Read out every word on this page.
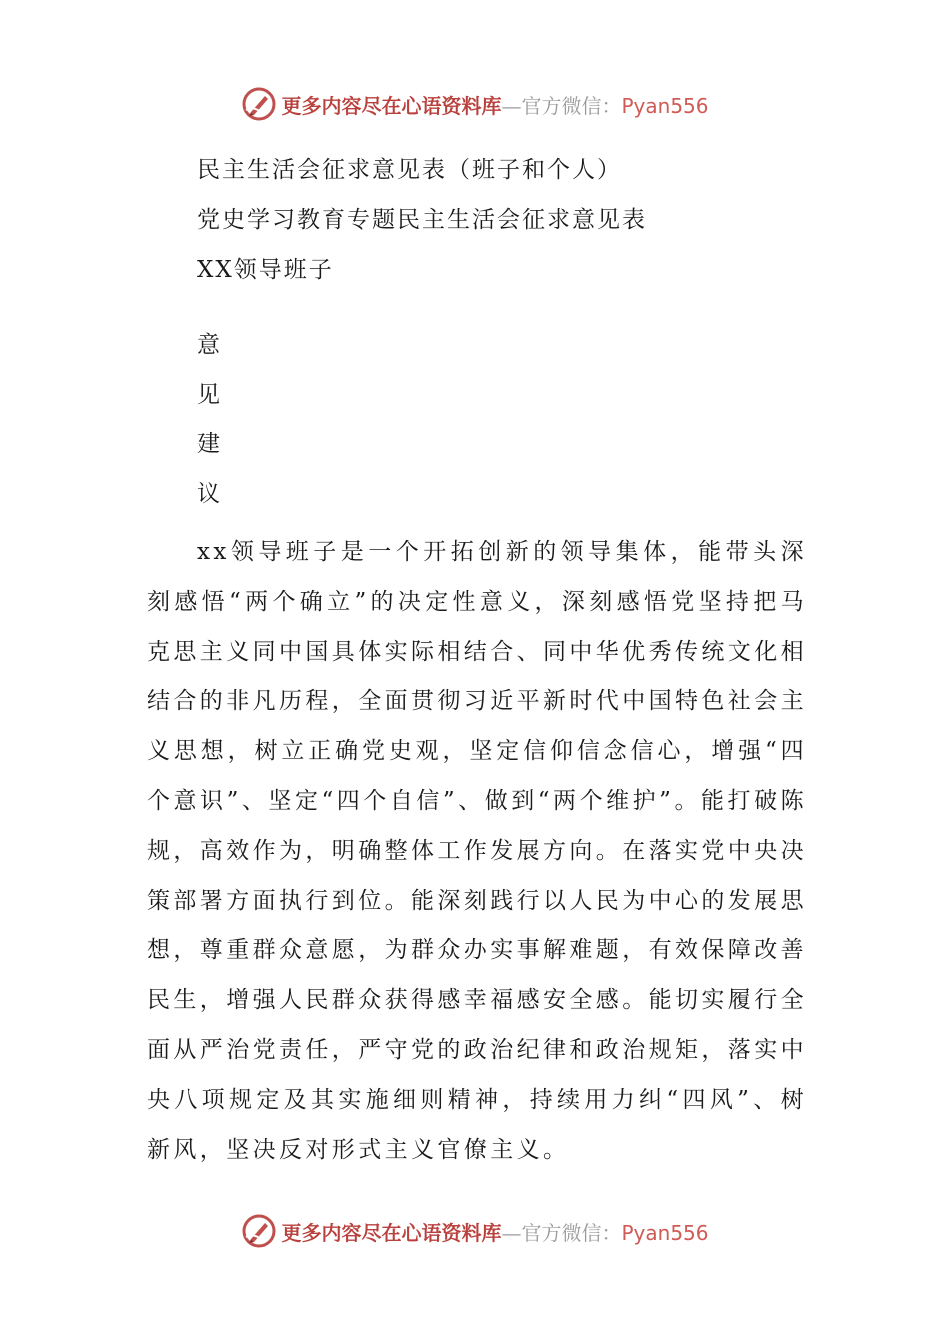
更多内容尽在心语资料库—官方微信：Pyan556
民主生活会征求意见表（班子和个人）
党史学习教育专题民主生活会征求意见表
XX领导班子
意
见
建
议

xx领导班子是一个开拓创新的领导集体，能带头深刻感悟“两个确立”的决定性意义，深刻感悟党坚持把马克思主义同中国具体实际相结合、同中华优秀传统文化相结合的非凡历程，全面贯彻习近平新时代中国特色社会主义思想，树立正确党史观，坚定信仰信念信心，增强“四个意识”、坚定“四个自信”、做到“两个维护”。能打破陈规，高效作为，明确整体工作发展方向。在落实党中央决策部署方面执行到位。能深刻践行以人民为中心的发展思想，尊重群众意愿，为群众办实事解难题，有效保障改善民生，增强人民群众获得感幸福感安全感。能切实履行全面从严治党责任，严守党的政治纪律和政治规矩，落实中央八项规定及其实施细则精神，持续用力纠“四风”、树新风，坚决反对形式主义官僚主义。

更多内容尽在心语资料库—官方微信：Pyan556
